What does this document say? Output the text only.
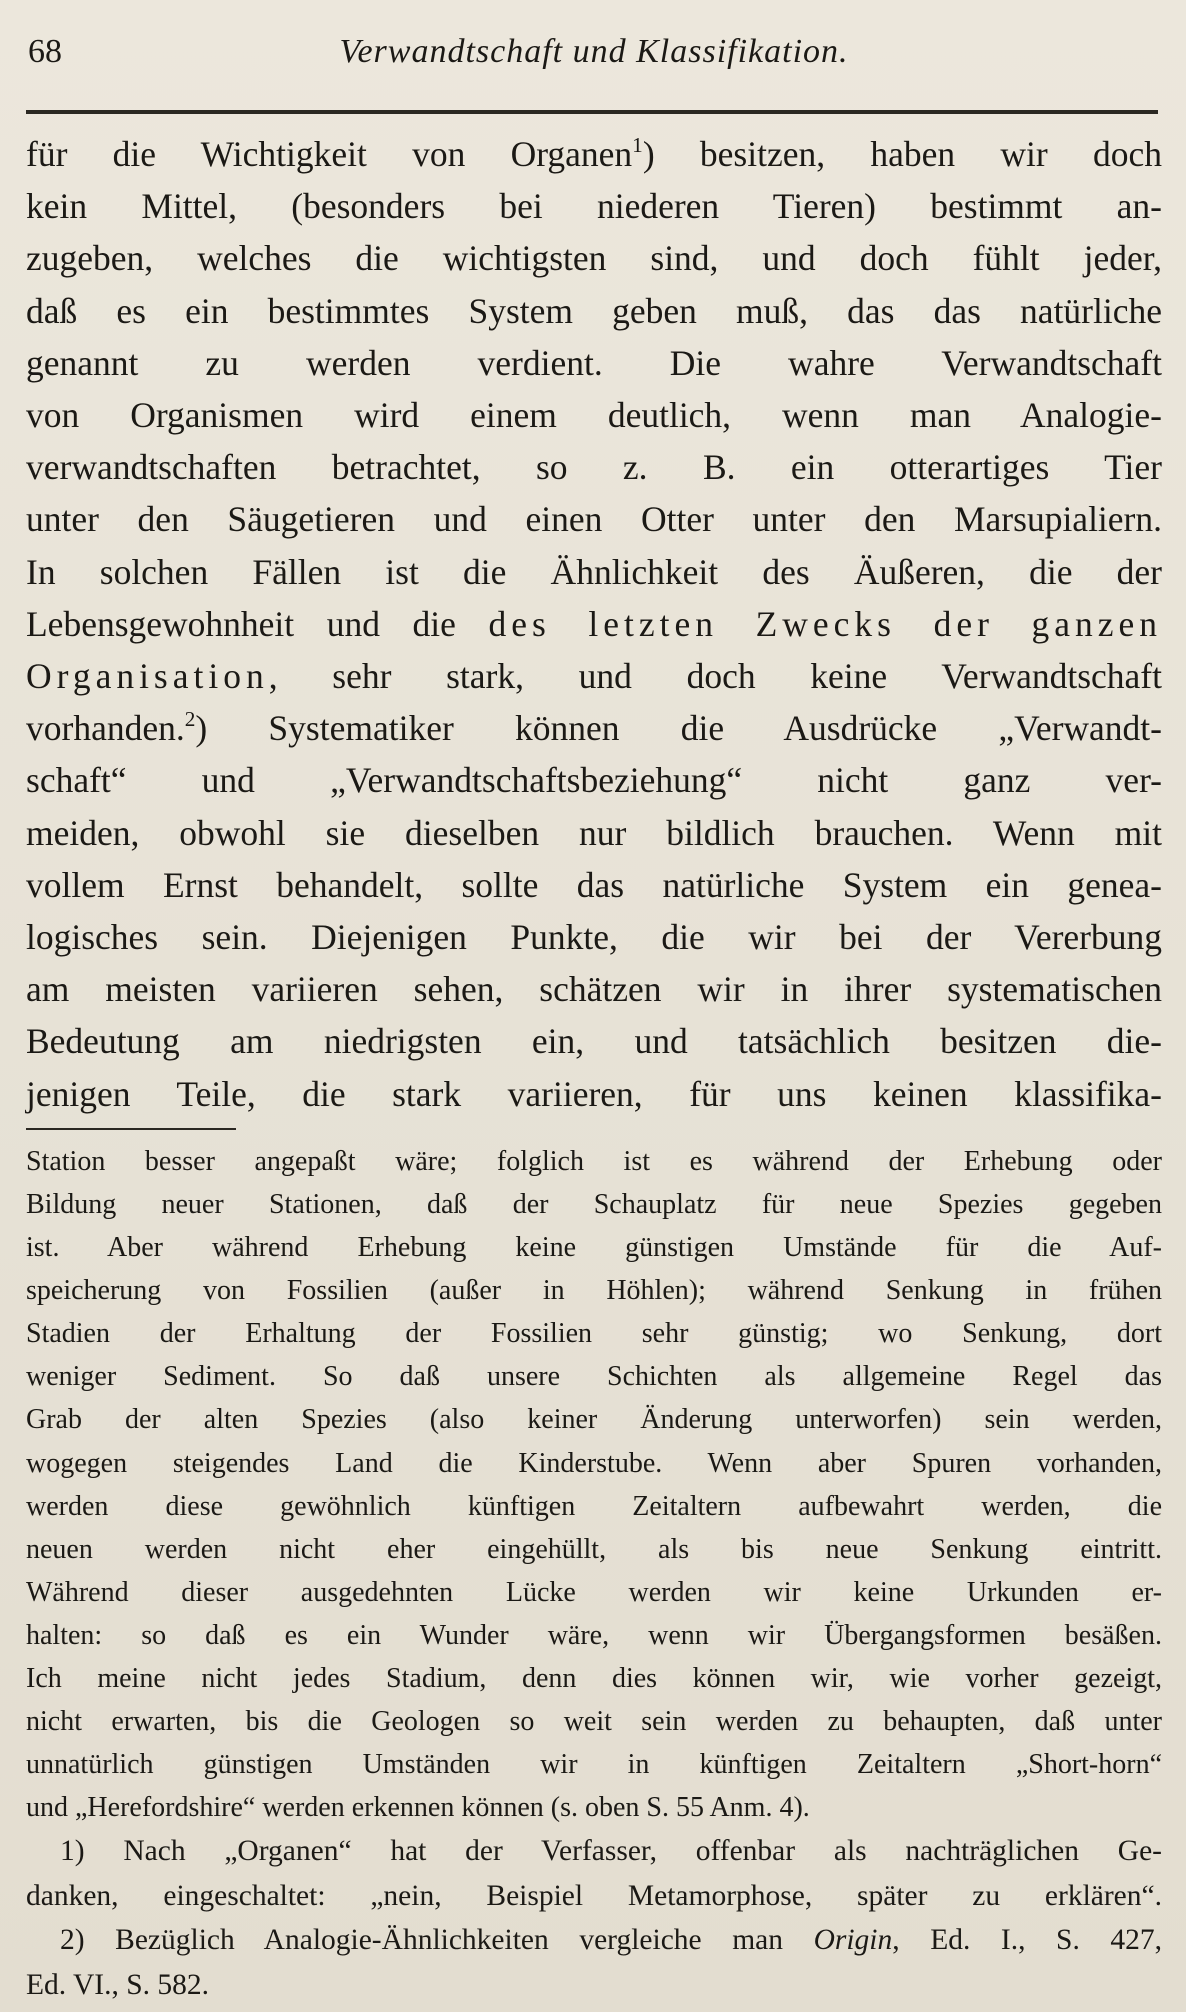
68	Verwandtschaft und Klassifikation.
für die Wichtigkeit von Organen$^1$) besitzen, haben wir doch
kein Mittel, (besonders bei niederen Tieren) bestimmt an-
zugeben, welches die wichtigsten sind, und doch fühlt jeder,
daß es ein bestimmtes System geben muß, das das natürliche
genannt zu werden verdient. Die wahre Verwandtschaft
von Organismen wird einem deutlich, wenn man Analogie-
verwandtschaften betrachtet, so z. B. ein otterartiges Tier
unter den Säugetieren und einen Otter unter den Marsupialiern.
In solchen Fällen ist die Ähnlichkeit des Äußeren, die der
Lebensgewohnheit und die des letzten Zwecks der ganzen
Organisation, sehr stark, und doch keine Verwandtschaft
vorhanden.$^2$) Systematiker können die Ausdrücke „Verwandt-
schaft“ und „Verwandtschaftsbeziehung“ nicht ganz ver-
meiden, obwohl sie dieselben nur bildlich brauchen. Wenn mit
vollem Ernst behandelt, sollte das natürliche System ein genea-
logisches sein. Diejenigen Punkte, die wir bei der Vererbung
am meisten variieren sehen, schätzen wir in ihrer systematischen
Bedeutung am niedrigsten ein, und tatsächlich besitzen die-
jenigen Teile, die stark variieren, für uns keinen klassifika-
Station besser angepaßt wäre; folglich ist es während der Erhebung oder
Bildung neuer Stationen, daß der Schauplatz für neue Spezies gegeben
ist. Aber während Erhebung keine günstigen Umstände für die Auf-
speicherung von Fossilien (außer in Höhlen); während Senkung in frühen
Stadien der Erhaltung der Fossilien sehr günstig; wo Senkung, dort
weniger Sediment. So daß unsere Schichten als allgemeine Regel das
Grab der alten Spezies (also keiner Änderung unterworfen) sein werden,
wogegen steigendes Land die Kinderstube. Wenn aber Spuren vorhanden,
werden diese gewöhnlich künftigen Zeitaltern aufbewahrt werden, die
neuen werden nicht eher eingehüllt, als bis neue Senkung eintritt.
Während dieser ausgedehnten Lücke werden wir keine Urkunden er-
halten: so daß es ein Wunder wäre, wenn wir Übergangsformen besäßen.
Ich meine nicht jedes Stadium, denn dies können wir, wie vorher gezeigt,
nicht erwarten, bis die Geologen so weit sein werden zu behaupten, daß unter
unnatürlich günstigen Umständen wir in künftigen Zeitaltern „Short-horn“
und „Herefordshire“ werden erkennen können (s. oben S. 55 Anm. 4).
1) Nach „Organen“ hat der Verfasser, offenbar als nachträglichen Ge-
danken, eingeschaltet: „nein, Beispiel Metamorphose, später zu erklären“.
2) Bezüglich Analogie-Ähnlichkeiten vergleiche man Origin, Ed. I., S. 427,
Ed. VI., S. 582.
